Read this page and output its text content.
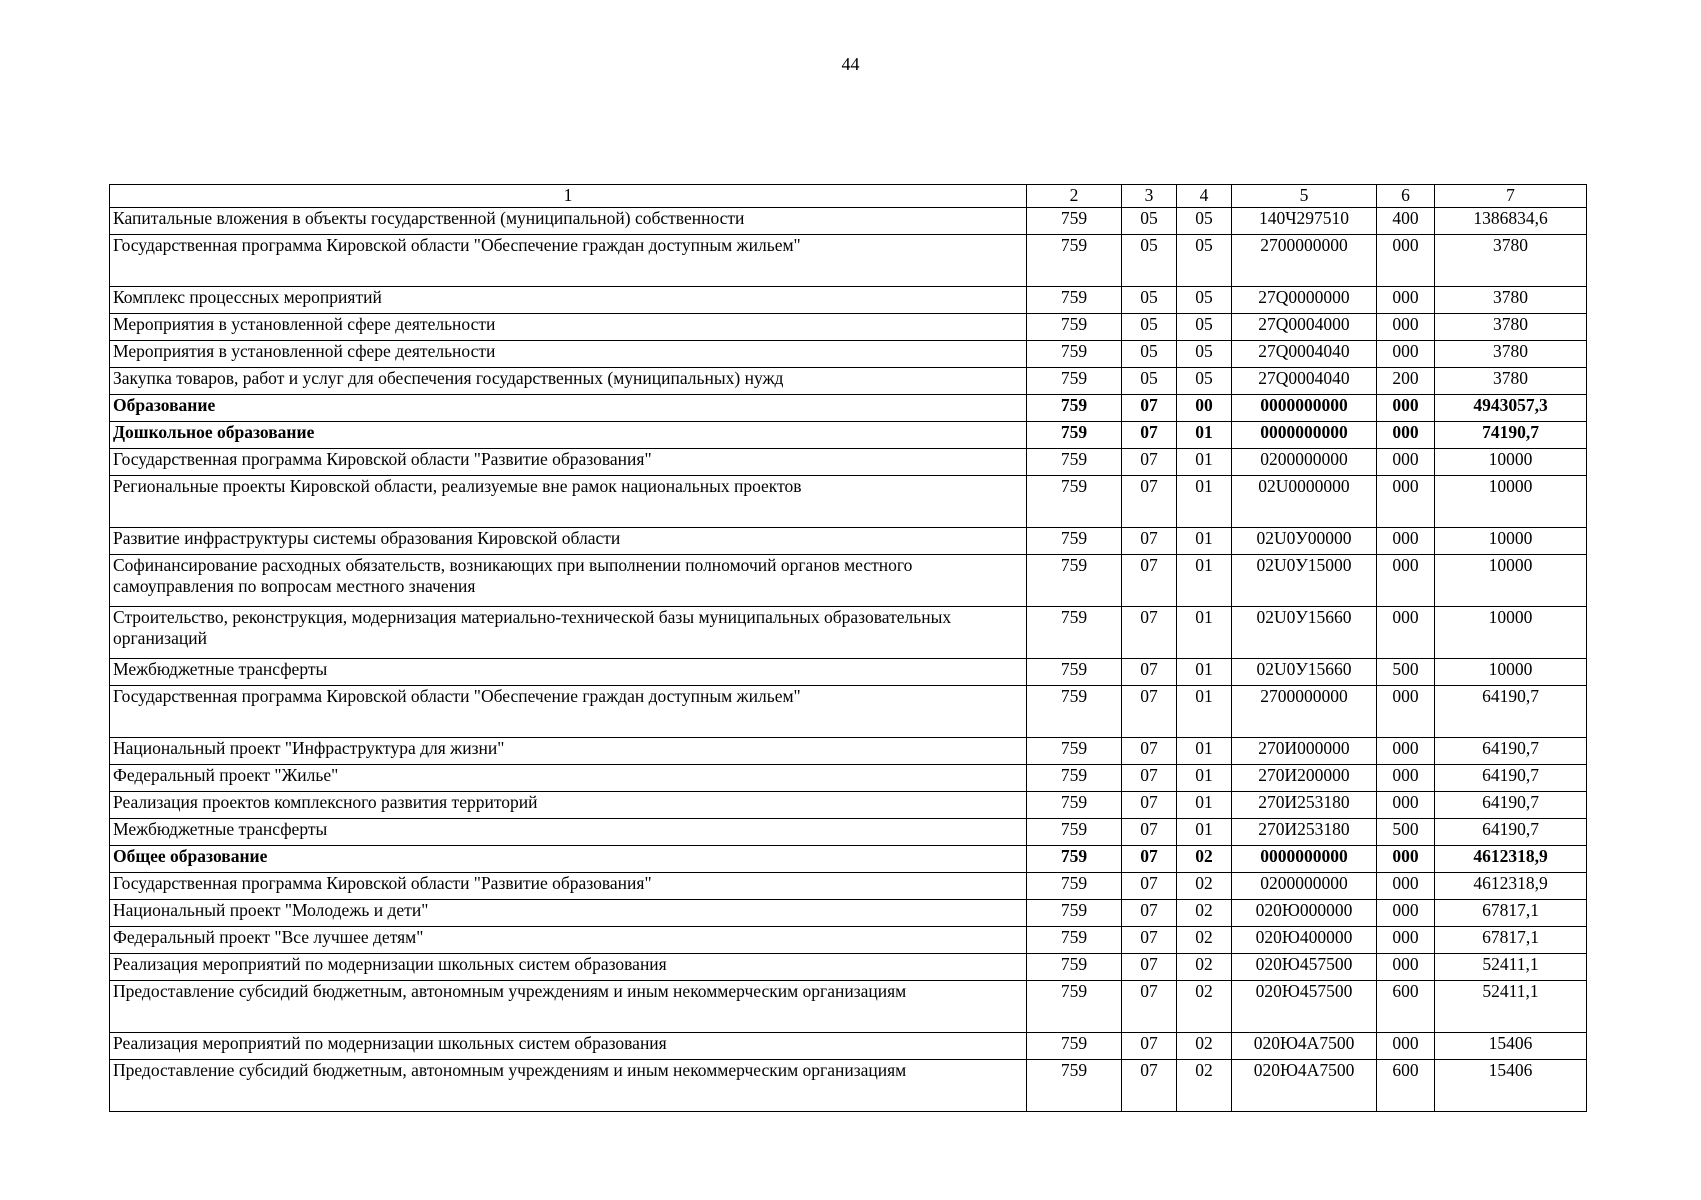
44
1	2	3	4	5	6	7
Капитальные вложения в объекты государственной (муниципальной) собственности	759	05	05	140Ч297510	400	1386834,6
Государственная программа Кировской области "Обеспечение граждан доступным жильем"	759	05	05	2700000000	000	3780
Комплекс процессных мероприятий	759	05	05	27Q0000000	000	3780
Мероприятия в установленной сфере деятельности	759	05	05	27Q0004000	000	3780
Мероприятия в установленной сфере деятельности	759	05	05	27Q0004040	000	3780
Закупка товаров, работ и услуг для обеспечения государственных (муниципальных) нужд	759	05	05	27Q0004040	200	3780
Образование	759	07	00	0000000000	000	4943057,3
Дошкольное образование	759	07	01	0000000000	000	74190,7
Государственная программа Кировской области "Развитие образования"	759	07	01	0200000000	000	10000
Региональные проекты Кировской области, реализуемые вне рамок национальных проектов	759	07	01	02U0000000	000	10000
Развитие инфраструктуры системы образования Кировской области	759	07	01	02U0У00000	000	10000
Софинансирование расходных обязательств, возникающих при выполнении полномочий органов местного самоуправления по вопросам местного значения	759	07	01	02U0У15000	000	10000
Строительство, реконструкция, модернизация материально-технической базы муниципальных образовательных организаций	759	07	01	02U0У15660	000	10000
Межбюджетные трансферты	759	07	01	02U0У15660	500	10000
Государственная программа Кировской области "Обеспечение граждан доступным жильем"	759	07	01	2700000000	000	64190,7
Национальный проект "Инфраструктура для жизни"	759	07	01	270И000000	000	64190,7
Федеральный проект "Жилье"	759	07	01	270И200000	000	64190,7
Реализация проектов комплексного развития территорий	759	07	01	270И253180	000	64190,7
Межбюджетные трансферты	759	07	01	270И253180	500	64190,7
Общее образование	759	07	02	0000000000	000	4612318,9
Государственная программа Кировской области "Развитие образования"	759	07	02	0200000000	000	4612318,9
Национальный проект "Молодежь и дети"	759	07	02	020Ю000000	000	67817,1
Федеральный проект "Все лучшее детям"	759	07	02	020Ю400000	000	67817,1
Реализация мероприятий по модернизации школьных систем образования	759	07	02	020Ю457500	000	52411,1
Предоставление субсидий бюджетным, автономным учреждениям и иным некоммерческим организациям	759	07	02	020Ю457500	600	52411,1
Реализация мероприятий по модернизации школьных систем образования	759	07	02	020Ю4А7500	000	15406
Предоставление субсидий бюджетным, автономным учреждениям и иным некоммерческим организациям	759	07	02	020Ю4А7500	600	15406
